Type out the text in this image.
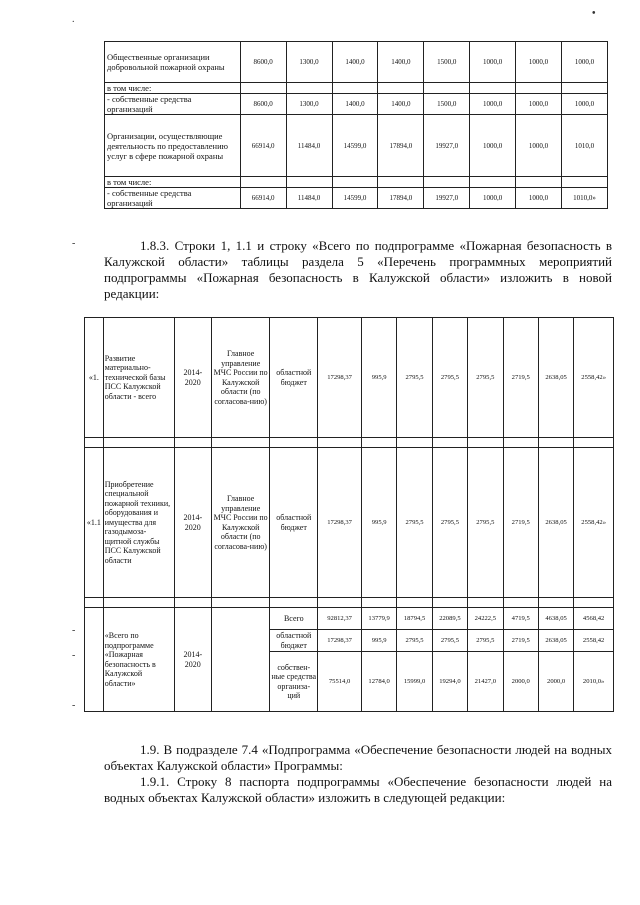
.
•
-
-
-
-
Общественные организации добровольной пожарной охраны	8600,0	1300,0	1400,0	1400,0	1500,0	1000,0	1000,0	1000,0
в том числе:								
- собственные средства организаций	8600,0	1300,0	1400,0	1400,0	1500,0	1000,0	1000,0	1000,0
Организации, осуществляющие деятельность по предоставлению услуг в сфере пожарной охраны	66914,0	11484,0	14599,0	17894,0	19927,0	1000,0	1000,0	1010,0
в том числе:								
- собственные средства организаций	66914,0	11484,0	14599,0	17894,0	19927,0	1000,0	1000,0	1010,0»

1.8.3. Строки 1, 1.1 и строку «Всего по подпрограмме «Пожарная безопасность в Калужской области» таблицы раздела 5 «Перечень программных мероприятий подпрограммы «Пожарная безопасность в Калужской области» изложить в новой редакции:

«1.	Развитие материально-технической базы ПСС Калужской области - всего	2014-2020	Главное управление МЧС России по Калужской области (по согласова-нию)	областной бюджет	17298,37	995,9	2795,5	2795,5	2795,5	2719,5	2638,05	2558,42»

«1.1	Приобретение специальной пожарной техники, оборудования и имущества для газодымоза-щитной службы ПСС Калужской области	2014-2020	Главное управление МЧС России по Калужской области (по согласова-нию)	областной бюджет	17298,37	995,9	2795,5	2795,5	2795,5	2719,5	2638,05	2558,42»

	«Всего по подпрограмме «Пожарная безопасность в Калужской области»	2014-2020		Всего	92812,37	13779,9	18794,5	22089,5	24222,5	4719,5	4638,05	4568,42
				областной бюджет	17298,37	995,9	2795,5	2795,5	2795,5	2719,5	2638,05	2558,42
				собствен-ные средства организа-ций	75514,0	12784,0	15999,0	19294,0	21427,0	2000,0	2000,0	2010,0»

1.9. В подразделе 7.4 «Подпрограмма «Обеспечение безопасности людей на водных объектах Калужской области» Программы:

1.9.1. Строку 8 паспорта подпрограммы «Обеспечение безопасности людей на водных объектах Калужской области» изложить в следующей редакции:
